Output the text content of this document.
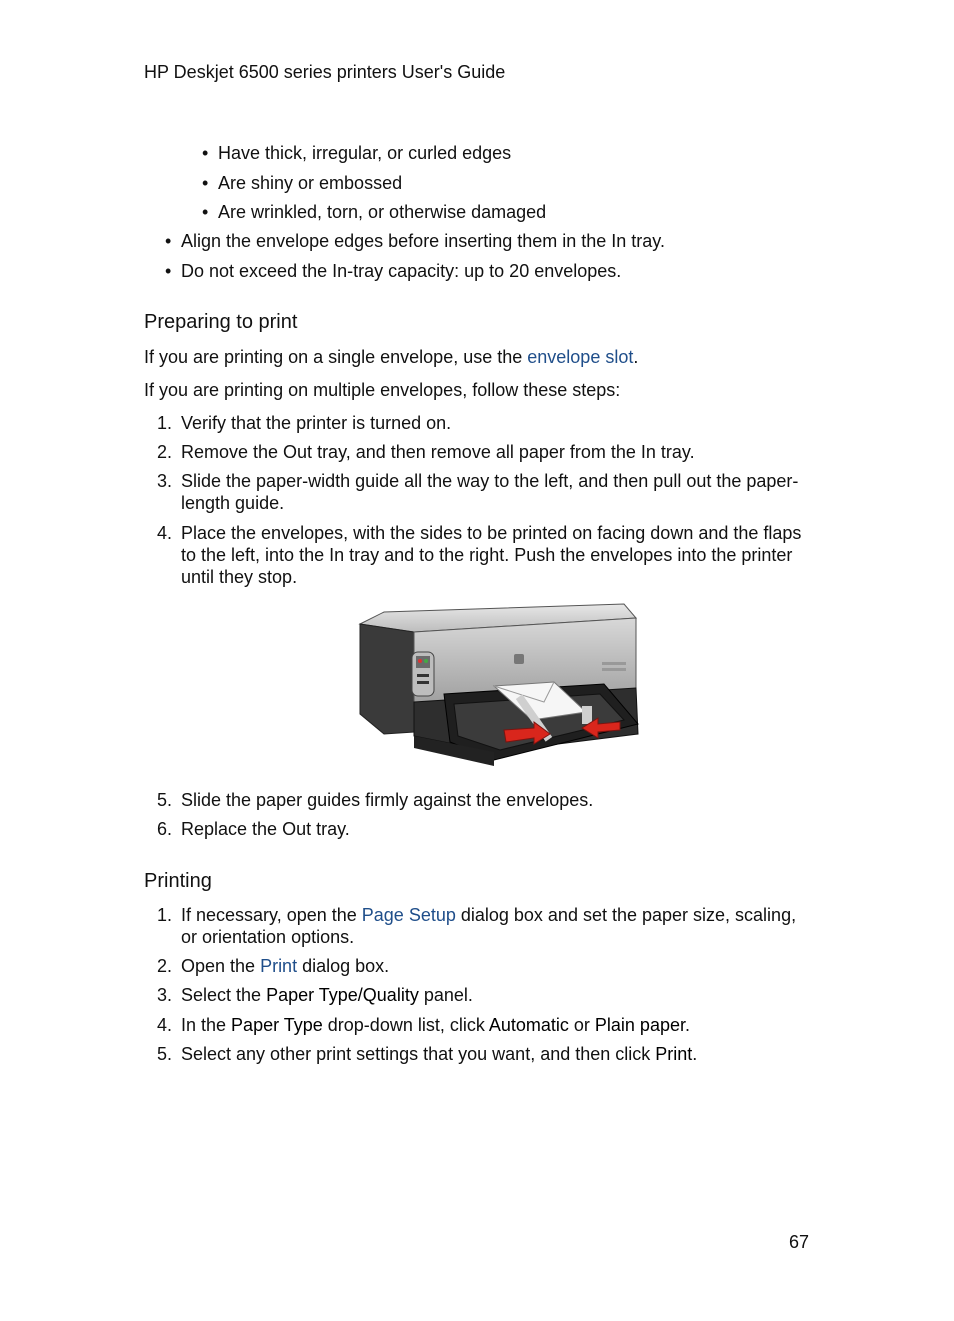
HP Deskjet 6500 series printers User's Guide
• Have thick, irregular, or curled edges
• Are shiny or embossed
• Are wrinkled, torn, or otherwise damaged
• Align the envelope edges before inserting them in the In tray.
• Do not exceed the In-tray capacity: up to 20 envelopes.
Preparing to print
If you are printing on a single envelope, use the envelope slot.
If you are printing on multiple envelopes, follow these steps:
1. Verify that the printer is turned on.
2. Remove the Out tray, and then remove all paper from the In tray.
3. Slide the paper-width guide all the way to the left, and then pull out the paper-
length guide.
4. Place the envelopes, with the sides to be printed on facing down and the flaps
to the left, into the In tray and to the right. Push the envelopes into the printer
until they stop.
5. Slide the paper guides firmly against the envelopes.
6. Replace the Out tray.
Printing
1. If necessary, open the Page Setup dialog box and set the paper size, scaling,
or orientation options.
2. Open the Print dialog box.
3. Select the Paper Type/Quality panel.
4. In the Paper Type drop-down list, click Automatic or Plain paper.
5. Select any other print settings that you want, and then click Print.
67
